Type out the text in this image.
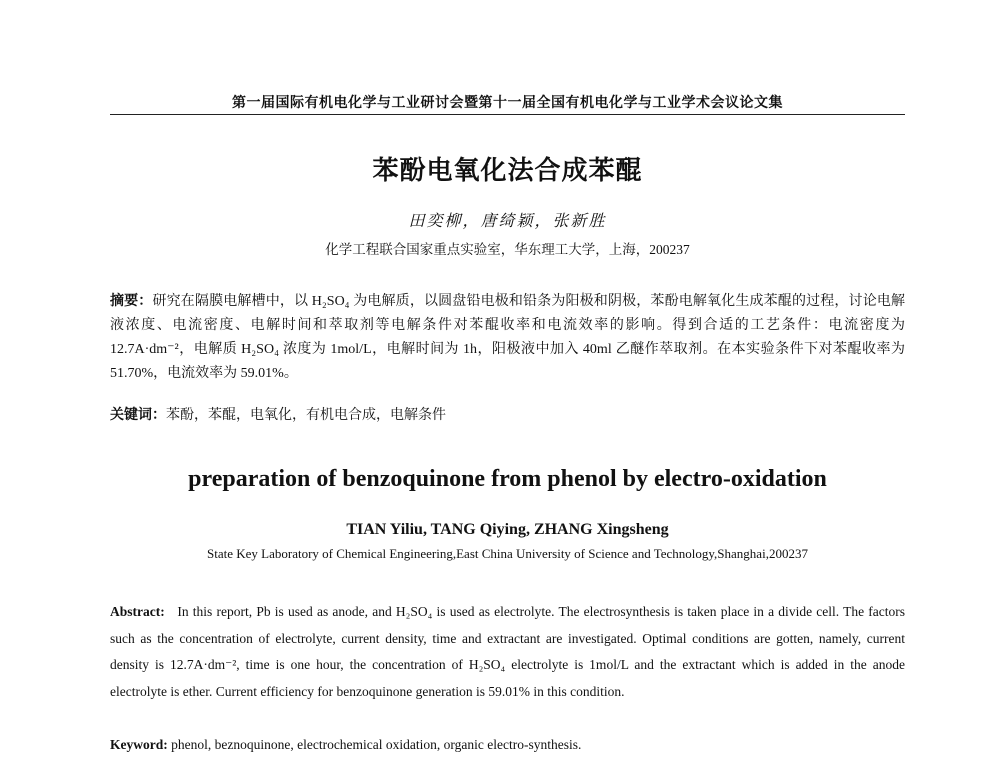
第一届国际有机电化学与工业研讨会暨第十一届全国有机电化学与工业学术会议论文集
苯酚电氧化法合成苯醌
田奕柳，唐绮颖，张新胜
化学工程联合国家重点实验室，华东理工大学，上海，200237
摘要：研究在隔膜电解槽中，以 H₂SO₄ 为电解质，以圆盘铅电极和铅条为阳极和阴极，苯酚电解氧化生成苯醌的过程，讨论电解液浓度、电流密度、电解时间和萃取剂等电解条件对苯醌收率和电流效率的影响。得到合适的工艺条件：电流密度为 12.7A·dm⁻²，电解质 H₂SO₄ 浓度为 1mol/L，电解时间为 1h，阳极液中加入 40ml 乙醚作萃取剂。在本实验条件下对苯醌收率为 51.70%，电流效率为 59.01%。
关键词：苯酚，苯醌，电氧化，有机电合成，电解条件
preparation of benzoquinone from phenol by electro-oxidation
TIAN Yiliu, TANG Qiying, ZHANG Xingsheng
State Key Laboratory of Chemical Engineering,East China University of Science and Technology,Shanghai,200237
Abstract: In this report, Pb is used as anode, and H₂SO₄ is used as electrolyte. The electrosynthesis is taken place in a divide cell. The factors such as the concentration of electrolyte, current density, time and extractant are investigated. Optimal conditions are gotten, namely, current density is 12.7A·dm⁻², time is one hour, the concentration of H₂SO₄ electrolyte is 1mol/L and the extractant which is added in the anode electrolyte is ether. Current efficiency for benzoquinone generation is 59.01% in this condition.
Keyword: phenol, beznoquinone, electrochemical oxidation, organic electro-synthesis.
